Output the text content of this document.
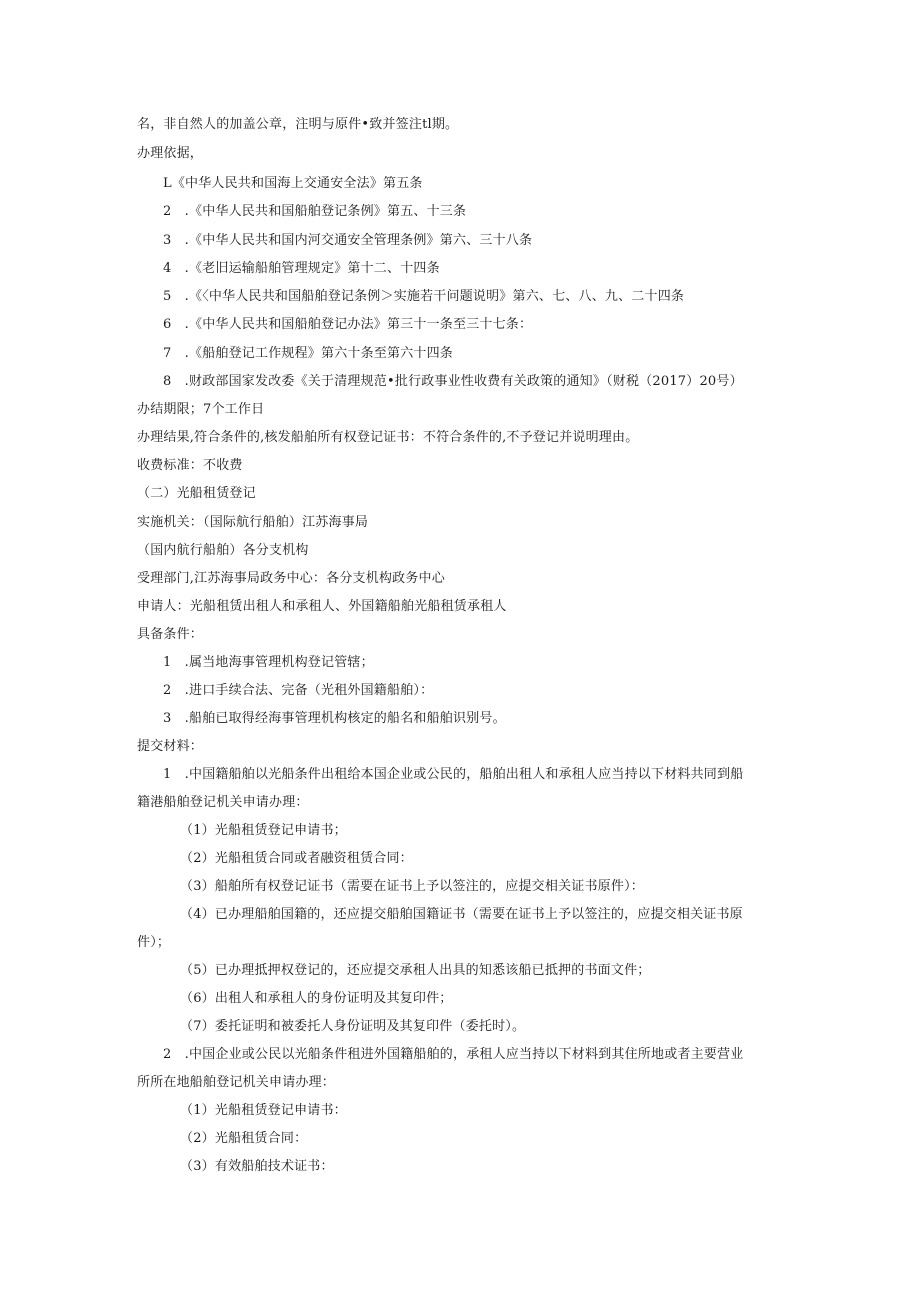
名，非自然人的加盖公章，注明与原件•致并签注tl期。
办理依据，
L《中华人民共和国海上交通安全法》第五条
2　.《中华人民共和国船舶登记条例》第五、十三条
3　.《中华人民共和国内河交通安全管理条例》第六、三十八条
4　.《老旧运输船舶管理规定》第十二、十四条
5　.《〈中华人民共和国船舶登记条例＞实施若干问题说明》第六、七、八、九、二十四条
6　.《中华人民共和国船舶登记办法》第三十一条至三十七条：
7　.《船舶登记工作规程》第六十条至第六十四条
8　.财政部国家发改委《关于清理规范•批行政事业性收费有关政策的通知》（财税（2017）20号）
办结期限；7个工作日
办理结果,符合条件的,核发船舶所有权登记证书：不符合条件的,不予登记并说明理由。
收费标准：不收费
（二）光船租赁登记
实施机关：（国际航行船舶）江苏海事局
（国内航行船舶）各分支机构
受理部门,江苏海事局政务中心：各分支机构政务中心
申请人：光船租赁出租人和承租人、外国籍船舶光船租赁承租人
具备条件：
1　.属当地海事管理机构登记管辖；
2　.进口手续合法、完备（光租外国籍船舶）：
3　.船舶已取得经海事管理机构核定的船名和船舶识别号。
提交材料：
1　.中国籍船舶以光船条件出租给本国企业或公民的，船舶出租人和承租人应当持以下材料共同到船
籍港船舶登记机关申请办理：
（1）光船租赁登记申请书；
（2）光船租赁合同或者融资租赁合同：
（3）船舶所有权登记证书（需要在证书上予以签注的，应提交相关证书原件）：
（4）已办理船舶国籍的，还应提交船舶国籍证书（需要在证书上予以签注的，应提交相关证书原
件）；
（5）已办理抵押权登记的，还应提交承租人出具的知悉该船已抵押的书面文件；
（6）出租人和承租人的身份证明及其复印件；
（7）委托证明和被委托人身份证明及其复印件（委托时）。
2　.中国企业或公民以光船条件租进外国籍船舶的，承租人应当持以下材料到其住所地或者主要营业
所所在地船舶登记机关申请办理：
（1）光船租赁登记申请书：
（2）光船租赁合同：
（3）有效船舶技术证书：
